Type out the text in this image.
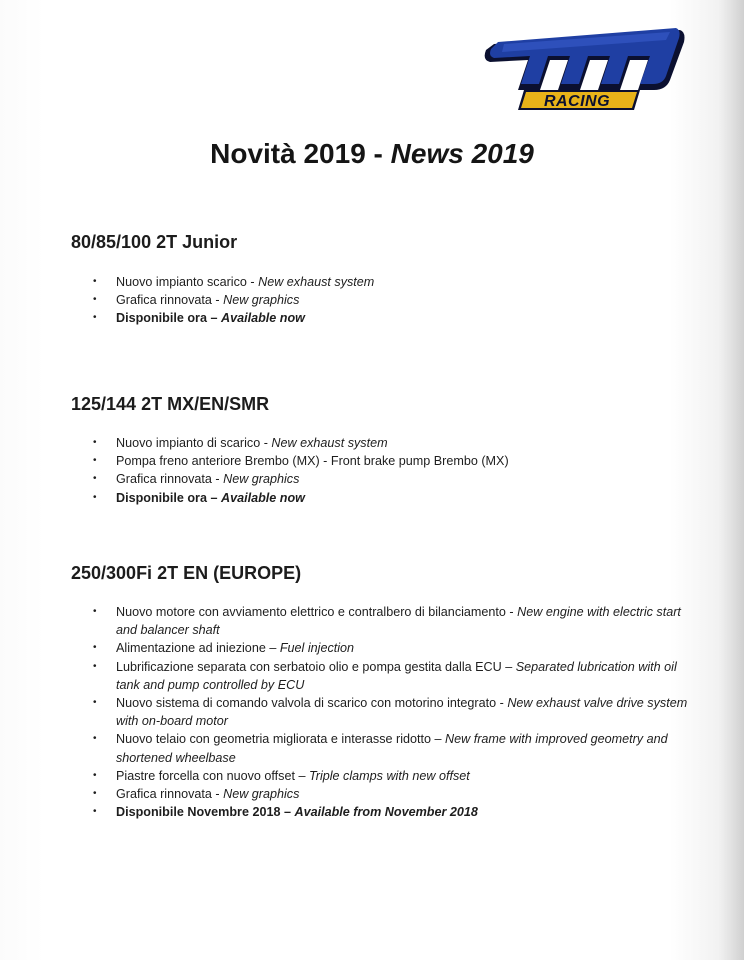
RACING
Novità 2019 - News 2019
80/85/100 2T Junior
• Nuovo impianto scarico - New exhaust system
• Grafica rinnovata - New graphics
• Disponibile ora – Available now
125/144 2T MX/EN/SMR
• Nuovo impianto di scarico - New exhaust system
• Pompa freno anteriore Brembo (MX) - Front brake pump Brembo (MX)
• Grafica rinnovata - New graphics
• Disponibile ora – Available now
250/300Fi 2T EN (EUROPE)
• Nuovo motore con avviamento elettrico e contralbero di bilanciamento - New engine with electric start and balancer shaft
• Alimentazione ad iniezione – Fuel injection
• Lubrificazione separata con serbatoio olio e pompa gestita dalla ECU – Separated lubrication with oil tank and pump controlled by ECU
• Nuovo sistema di comando valvola di scarico con motorino integrato - New exhaust valve drive system with on-board motor
• Nuovo telaio con geometria migliorata e interasse ridotto – New frame with improved geometry and shortened wheelbase
• Piastre forcella con nuovo offset – Triple clamps with new offset
• Grafica rinnovata - New graphics
• Disponibile Novembre 2018 – Available from November 2018
